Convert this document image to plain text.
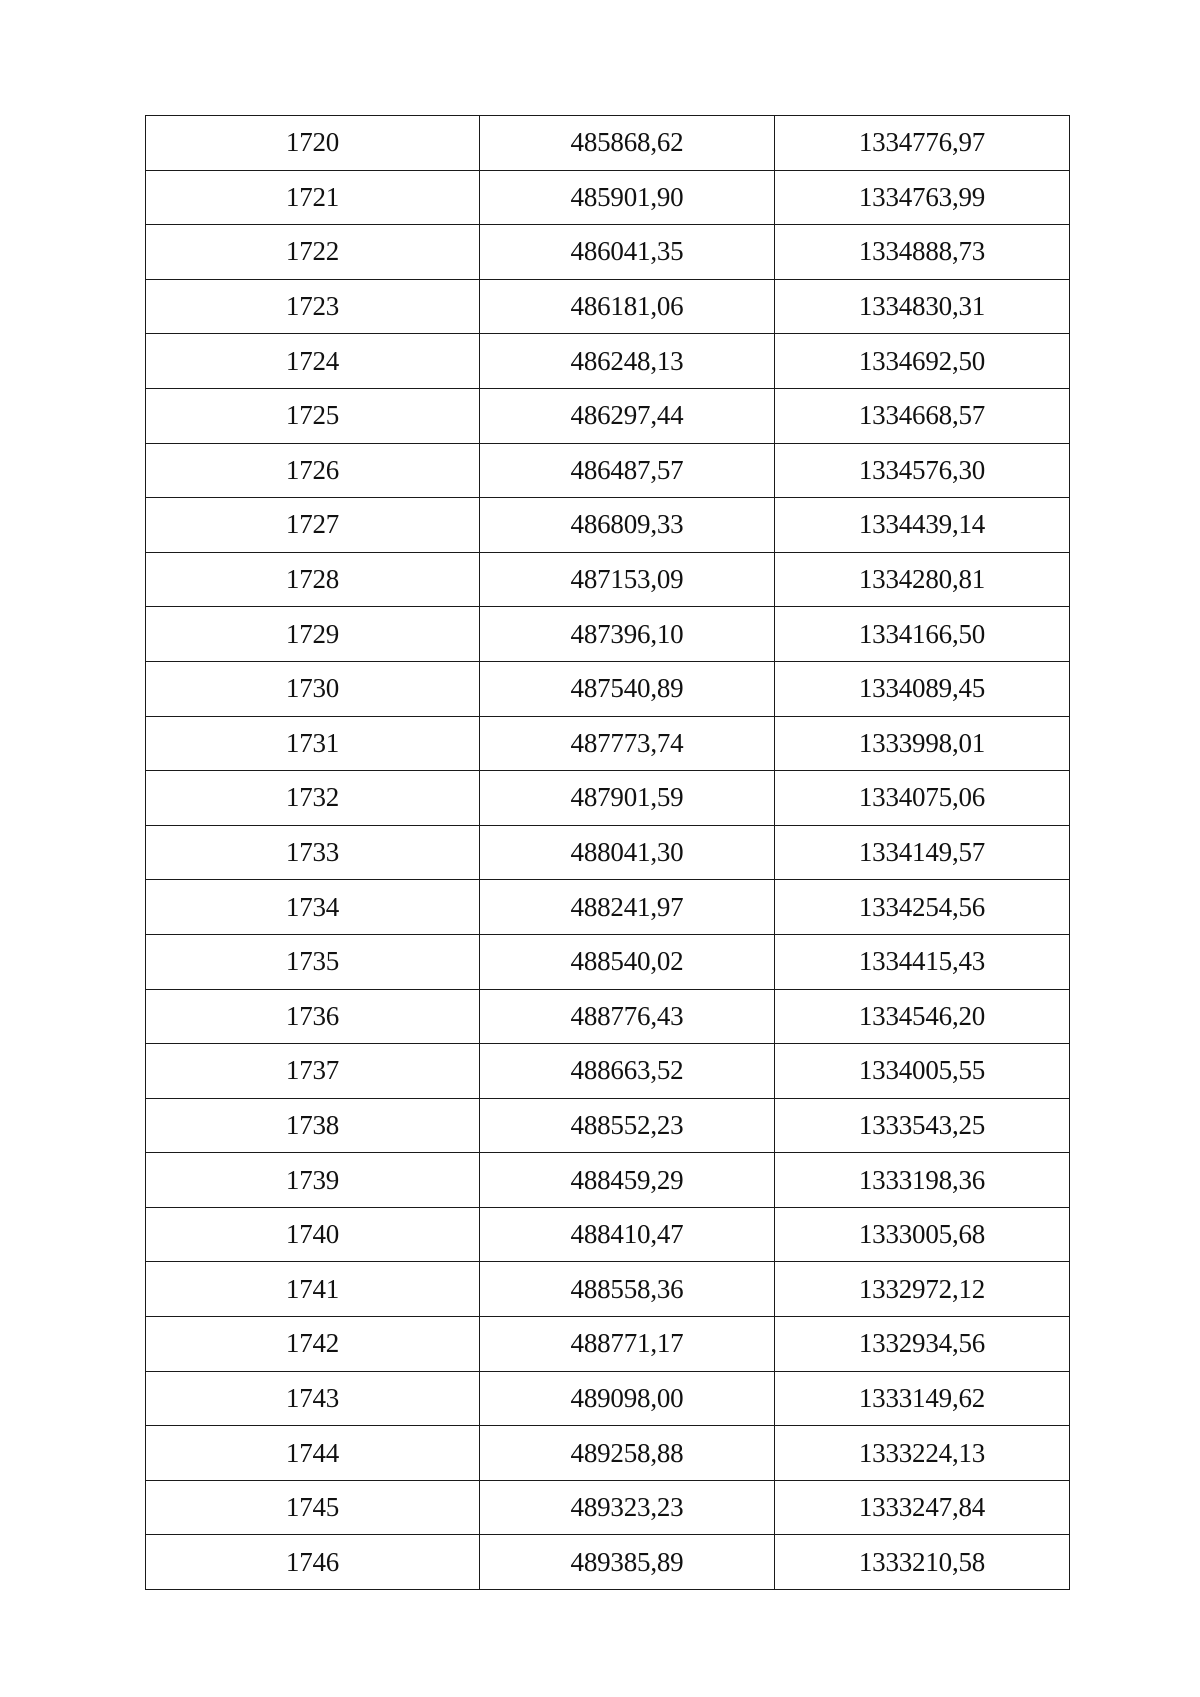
1720	485868,62	1334776,97
1721	485901,90	1334763,99
1722	486041,35	1334888,73
1723	486181,06	1334830,31
1724	486248,13	1334692,50
1725	486297,44	1334668,57
1726	486487,57	1334576,30
1727	486809,33	1334439,14
1728	487153,09	1334280,81
1729	487396,10	1334166,50
1730	487540,89	1334089,45
1731	487773,74	1333998,01
1732	487901,59	1334075,06
1733	488041,30	1334149,57
1734	488241,97	1334254,56
1735	488540,02	1334415,43
1736	488776,43	1334546,20
1737	488663,52	1334005,55
1738	488552,23	1333543,25
1739	488459,29	1333198,36
1740	488410,47	1333005,68
1741	488558,36	1332972,12
1742	488771,17	1332934,56
1743	489098,00	1333149,62
1744	489258,88	1333224,13
1745	489323,23	1333247,84
1746	489385,89	1333210,58
